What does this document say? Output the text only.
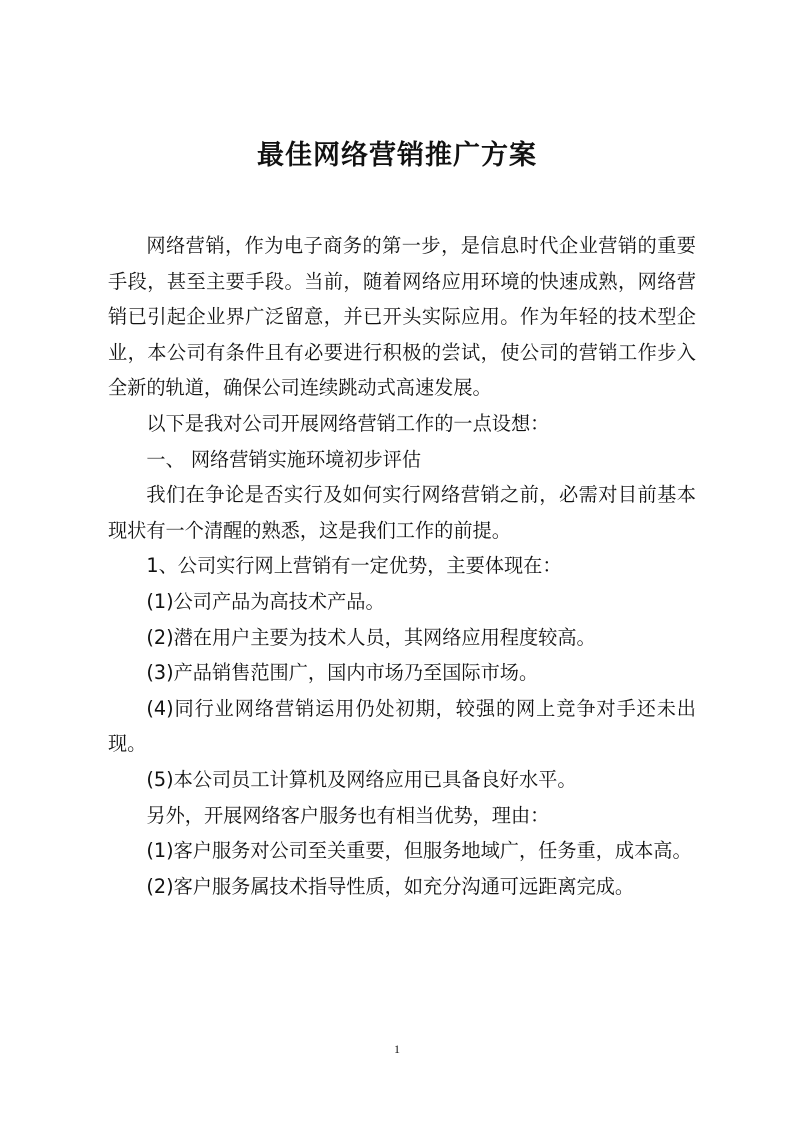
最佳网络营销推广方案

网络营销，作为电子商务的第一步，是信息时代企业营销的重要手段，甚至主要手段。当前，随着网络应用环境的快速成熟，网络营销已引起企业界广泛留意，并已开头实际应用。作为年轻的技术型企业，本公司有条件且有必要进行积极的尝试，使公司的营销工作步入全新的轨道，确保公司连续跳动式高速发展。

以下是我对公司开展网络营销工作的一点设想：

一、 网络营销实施环境初步评估

我们在争论是否实行及如何实行网络营销之前，必需对目前基本现状有一个清醒的熟悉，这是我们工作的前提。

1、公司实行网上营销有一定优势，主要体现在：

(1)公司产品为高技术产品。

(2)潜在用户主要为技术人员，其网络应用程度较高。

(3)产品销售范围广，国内市场乃至国际市场。

(4)同行业网络营销运用仍处初期，较强的网上竞争对手还未出现。

(5)本公司员工计算机及网络应用已具备良好水平。

另外，开展网络客户服务也有相当优势，理由：

(1)客户服务对公司至关重要，但服务地域广，任务重，成本高。

(2)客户服务属技术指导性质，如充分沟通可远距离完成。

1
